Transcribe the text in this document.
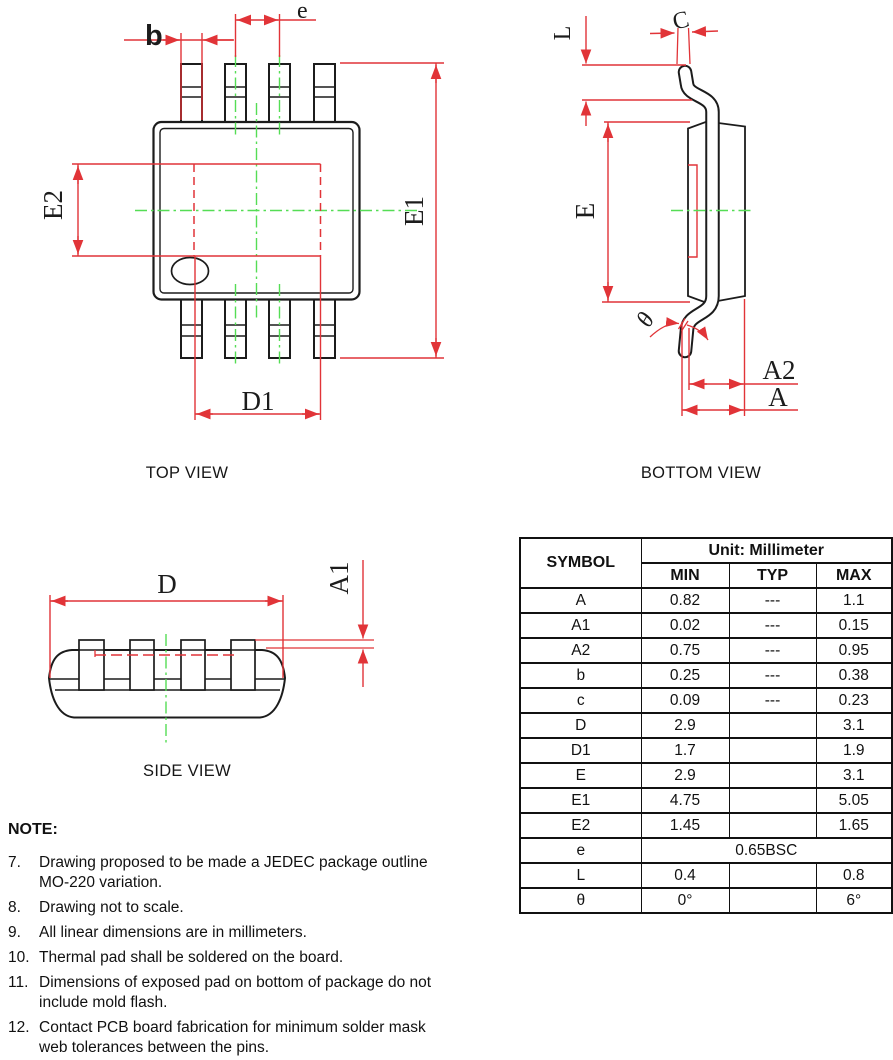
b
e
E2	E1
D1
TOP VIEW
L	C
E
θ
A2
A
BOTTOM VIEW
D	A1
SIDE VIEW
SYMBOL	Unit: Millimeter		
	MIN	TYP	MAX
A	0.82	---	1.1
A1	0.02	---	0.15
A2	0.75	---	0.95
b	0.25	---	0.38
c	0.09	---	0.23
D	2.9		3.1
D1	1.7		1.9
E	2.9		3.1
E1	4.75		5.05
E2	1.45		1.65
e	0.65BSC		
L	0.4		0.8
θ	0°		6°
NOTE:
7.	Drawing proposed to be made a JEDEC package outline MO-220 variation.
8.	Drawing not to scale.
9.	All linear dimensions are in millimeters.
10. Thermal pad shall be soldered on the board.
11. Dimensions of exposed pad on bottom of package do not include mold flash.
12. Contact PCB board fabrication for minimum solder mask web tolerances between the pins.
